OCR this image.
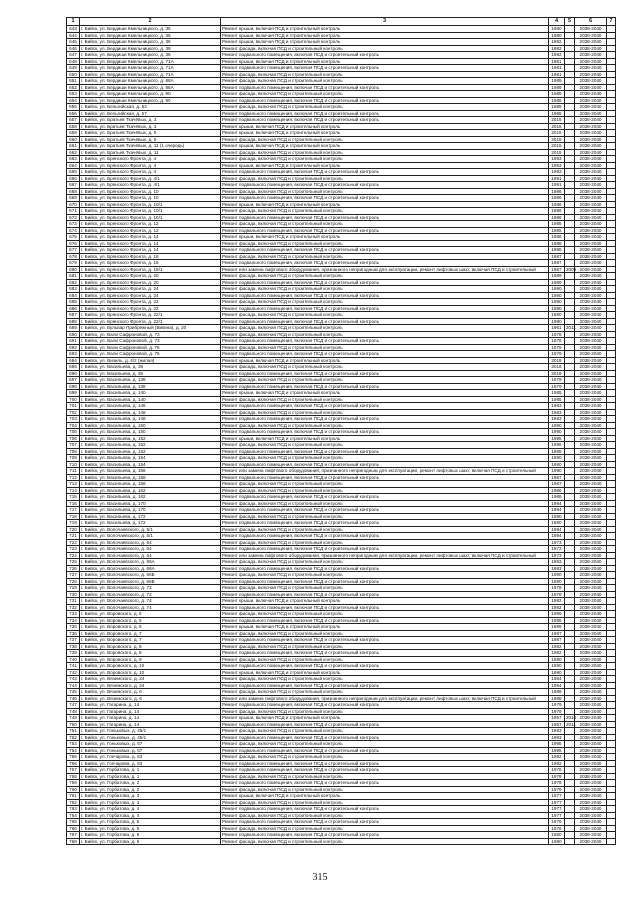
1	2	3	4	5	6	7
643	г. Бийск, ул. Бердиши Кмельницкого, д. 35	Ремонт крыши, включая ПСД и строительный контроль	1980		2038-2040	
644	г. Бийск, ул. Бердиши Кмельницкого, д. 35	Ремонт крыши, включая ПСД и строительный контроль	1980		2038-2040	
645	г. Бийск, ул. Бердиши Кмельницкого, д. 39	Ремонт крыши, включая ПСД и строительный контроль	1982		2038-2040	
646	г. Бийск, ул. Бердиши Кмельницкого, д. 39	Ремонт фасада, включая ПСД и строительный контроль	1982		2038-2040	
647	г. Бийск, ул. Бердиши Кмельницкого, д. 39	Ремонт подвального помещения, включая ПСД и строительный контроль	1982		2038-2040	
648	г. Бийск, ул. Бердиши Кмельницкого, д. 71А	Ремонт крыши, включая ПСД и строительный контроль	1981		2038-2040	
649	г. Бийск, ул. Бердиши Кмельницкого, д. 71А	Ремонт подвального помещения, включая ПСД и строительный контроль	1981		2038-2040	
650	г. Бийск, ул. Бердиши Кмельницкого, д. 71А	Ремонт фасада, включая ПСД и строительный контроль	1981		2038-2040	
651	г. Бийск, ул. Бердиши Кмельницкого, д. 88А	Ремонт фасада, включая ПСД и строительный контроль	1989		2038-2040	
652	г. Бийск, ул. Бердиши Кмельницкого, д. 88А	Ремонт подвального помещения, включая ПСД и строительный контроль	1989		2038-2040	
653	г. Бийск, ул. Бердиши Кмельницкого, д. 90	Ремонт фасада, включая ПСД и строительный контроль	1985		2038-2040	
654	г. Бийск, ул. Бердиши Кмельницкого, д. 90	Ремонт подвального помещения, включая ПСД и строительный контроль	1985		2038-2040	
655	г. Бийск, ул. Бельгийская, д. 52	Ремонт фасада, включая ПСД и строительный контроль	1985		2038-2040	
656	г. Бийск, ул. Бельгийская, д. 57	Ремонт подвального помещения, включая ПСД и строительный контроль	1985		2038-2040	
657	г. Бийск, ул. Братьев Ткачёвых, д. 3	Ремонт подвального помещения, включая ПСД и строительный контроль	2015		2038-2040	
658	г. Бийск, ул. Братьев Ткачёвых, д. 3	Ремонт крыши, включая ПСД и строительный контроль	2015		2038-2040	
659	г. Бийск, ул. Братьев Ткачёвых, д. 5	Ремонт крыши, включая ПСД и строительный контроль	2015		2038-2040	
660	г. Бийск, ул. Братьев Ткачёвых, д. 5	Ремонт фасада, включая ПСД и строительный контроль	2015		2038-2040	
661	г. Бийск, ул. Братьев Ткачёвых, д. 11 (1 очередь)	Ремонт крыши, включая ПСД и строительный контроль	2015		2038-2040	
662	г. Бийск, ул. Братьев Ткачёвых, д. 11	Ремонт фасада, включая ПСД и строительный контроль	2015		2038-2040	
663	г. Бийск, ул. Брянского Фронта, д. 4	Ремонт фасада, включая ПСД и строительный контроль	1993		2038-2040	
664	г. Бийск, ул. Брянского Фронта, д. 4	Ремонт крыши, включая ПСД и строительный контроль	1993		2038-2040	
665	г. Бийск, ул. Брянского Фронта, д. 4	Ремонт подвального помещения, включая ПСД и строительный контроль	1993		2038-2040	
666	г. Бийск, ул. Брянского Фронта, д. 4/1	Ремонт фасада, включая ПСД и строительный контроль	1991		2038-2040	
667	г. Бийск, ул. Брянского Фронта, д. 4/1	Ремонт подвального помещения, включая ПСД и строительный контроль	1991		2038-2040	
668	г. Бийск, ул. Брянского Фронта, д. 10	Ремонт фасада, включая ПСД и строительный контроль	1986		2038-2040	
669	г. Бийск, ул. Брянского Фронта, д. 10	Ремонт подвального помещения, включая ПСД и строительный контроль	1986		2038-2040	
670	г. Бийск, ул. Брянского Фронта, д. 10/1	Ремонт крыши, включая ПСД и строительный контроль	1986		2038-2040	
671	г. Бийск, ул. Брянского Фронта, д. 10/1	Ремонт фасада, включая ПСД и строительный контроль	1986		2038-2040	
672	г. Бийск, ул. Брянского Фронта, д. 10/1	Ремонт подвального помещения, включая ПСД и строительный контроль	1986		2038-2040	
673	г. Бийск, ул. Брянского Фронта, д. 12	Ремонт фасада, включая ПСД и строительный контроль	1985		2038-2040	
674	г. Бийск, ул. Брянского Фронта, д. 12	Ремонт подвального помещения, включая ПСД и строительный контроль	1985		2038-2040	
675	г. Бийск, ул. Брянского Фронта, д. 14	Ремонт крыши, включая ПСД и строительный контроль	1988		2038-2040	
676	г. Бийск, ул. Брянского Фронта, д. 14	Ремонт фасада, включая ПСД и строительный контроль	1988		2038-2040	
677	г. Бийск, ул. Брянского Фронта, д. 14	Ремонт подвального помещения, включая ПСД и строительный контроль	1988		2038-2040	
678	г. Бийск, ул. Брянского Фронта, д. 16	Ремонт фасада, включая ПСД и строительный контроль	1987		2038-2040	
679	г. Бийск, ул. Брянского Фронта, д. 16	Ремонт подвального помещения, включая ПСД и строительный контроль	1987		2038-2040	
680	г. Бийск, ул. Брянского Фронта, д. 18/1	Ремонт или замена лифтового оборудования, признанного непригодным для эксплуатации, ремонт лифтовых шахт, включая ПСД и строительный	1987	2009	2038-2040	
681	г. Бийск, ул. Брянского Фронта, д. 20	Ремонт фасада, включая ПСД и строительный контроль	1989		2038-2040	
682	г. Бийск, ул. Брянского Фронта, д. 20	Ремонт подвального помещения, включая ПСД и строительный контроль	1989		2038-2040	
683	г. Бийск, ул. Брянского Фронта, д. 24	Ремонт фасада, включая ПСД и строительный контроль	1990		2038-2040	
684	г. Бийск, ул. Брянского Фронта, д. 24	Ремонт подвального помещения, включая ПСД и строительный контроль	1990		2038-2040	
685	г. Бийск, ул. Брянского Фронта, д. 22	Ремонт фасада, включая ПСД и строительный контроль	1990		2038-2040	
686	г. Бийск, ул. Брянского Фронта, д. 22	Ремонт подвального помещения, включая ПСД и строительный контроль	1990		2038-2040	
687	г. Бийск, ул. Брянского Фронта, д. 22/1	Ремонт фасада, включая ПСД и строительный контроль	1990		2038-2040	
688	г. Бийск, ул. Брянского Фронта, д. 22/1	Ремонт подвального помещения, включая ПСД и строительный контроль	1990		2038-2040	
689	г. Бийск, ул. Бульвар Прибрежный (Викина), д. 20	Ремонт фасада, включая ПСД и строительный контроль	1961	2011	2038-2040	
690	г. Бийск, ул. Вали Сафроновой, д. 73	Ремонт фасада, включая ПСД и строительный контроль	1978		2038-2040	
691	г. Бийск, ул. Вали Сафроновой, д. 73	Ремонт подвального помещения, включая ПСД и строительный контроль	1978		2038-2040	
692	г. Бийск, ул. Вали Сафроновой, д. 75	Ремонт фасада, включая ПСД и строительный контроль	1979		2038-2040	
693	г. Бийск, ул. Вали Сафроновой, д. 75	Ремонт подвального помещения, включая ПСД и строительный контроль	1979		2038-2040	
694	г. Бийск, ул. Визиль, д. 4/2 (жилая)	Ремонт крыши, включая ПСД и строительный контроль	2018		2038-2040	
695	г. Бийск, ул. Васильева, д. 36	Ремонт фасада, включая ПСД и строительный контроль	2018		2038-2040	
696	г. Бийск, ул. Васильева, д. 36	Ремонт подвального помещения, включая ПСД и строительный контроль	2018		2038-2040	
697	г. Бийск, ул. Васильева, д. 138	Ремонт фасада, включая ПСД и строительный контроль	1979		2038-2040	
698	г. Бийск, ул. Васильева, д. 138	Ремонт подвального помещения, включая ПСД и строительный контроль	1979		2038-2040	
699	г. Бийск, ул. Васильева, д. 140	Ремонт крыши, включая ПСД и строительный контроль	1985		2038-2040	
700	г. Бийск, ул. Васильева, д. 140	Ремонт фасада, включая ПСД и строительный контроль	1985		2038-2040	
701	г. Бийск, ул. Васильева, д. 146	Ремонт подвального помещения, включая ПСД и строительный контроль	1983		2038-2040	
702	г. Бийск, ул. Васильева, д. 148	Ремонт фасада, включая ПСД и строительный контроль	1983		2038-2040	
703	г. Бийск, ул. Васильева, д. 148	Ремонт подвального помещения, включая ПСД и строительный контроль	1983		2038-2040	
704	г. Бийск, ул. Васильева, д. 150	Ремонт фасада, включая ПСД и строительный контроль	1990		2038-2040	
705	г. Бийск, ул. Васильева, д. 150	Ремонт подвального помещения, включая ПСД и строительный контроль	1990		2038-2040	
706	г. Бийск, ул. Васильева, д. 152	Ремонт крыши, включая ПСД и строительный контроль	1995		2038-2040	
707	г. Бийск, ул. Васильева, д. 152	Ремонт фасада, включая ПСД и строительный контроль	1995		2038-2040	
708	г. Бийск, ул. Васильева, д. 152	Ремонт подвального помещения, включая ПСД и строительный контроль	1995		2038-2040	
709	г. Бийск, ул. Васильева, д. 154	Ремонт фасада, включая ПСД и строительный контроль	1990		2038-2040	
710	г. Бийск, ул. Васильева, д. 154	Ремонт подвального помещения, включая ПСД и строительный контроль	1990		2038-2040	
711	г. Бийск, ул. Васильева, д. 156	Ремонт или замена лифтового оборудования, признанного непригодным для эксплуатации, ремонт лифтовых шахт, включая ПСД и строительный	1990		2038-2040	
712	г. Бийск, ул. Васильева, д. 158	Ремонт подвального помещения, включая ПСД и строительный контроль	1987		2038-2040	
713	г. Бийск, ул. Васильева, д. 158	Ремонт фасада, включая ПСД и строительный контроль	1987		2038-2040	
714	г. Бийск, ул. Васильева, д. 162	Ремонт фасада, включая ПСД и строительный контроль	1986		2038-2040	
715	г. Бийск, ул. Васильева, д. 162	Ремонт подвального помещения, включая ПСД и строительный контроль	1986		2038-2040	
716	г. Бийск, ул. Васильева, д. 170	Ремонт фасада, включая ПСД и строительный контроль	1984		2038-2040	
717	г. Бийск, ул. Васильева, д. 170	Ремонт подвального помещения, включая ПСД и строительный контроль	1984		2038-2040	
718	г. Бийск, ул. Васильева, д. 172	Ремонт фасада, включая ПСД и строительный контроль	1990		2038-2040	
719	г. Бийск, ул. Васильева, д. 172	Ремонт подвального помещения, включая ПСД и строительный контроль	1990		2038-2040	
720	г. Бийск, ул. Волочаевского, д. 5/1	Ремонт фасада, включая ПСД и строительный контроль	1994		2038-2040	
721	г. Бийск, ул. Волочаевского, д. 5/1	Ремонт подвального помещения, включая ПСД и строительный контроль	1994		2038-2040	
722	г. Бийск, ул. Волочаевского, д. 64	Ремонт фасада, включая ПСД и строительный контроль	1973		2038-2040	
723	г. Бийск, ул. Волочаевского, д. 64	Ремонт подвального помещения, включая ПСД и строительный контроль	1973		2038-2040	
724	г. Бийск, ул. Волочаевского, д. 64	Ремонт или замена лифтового оборудования, признанного непригодным для эксплуатации, ремонт лифтовых шахт, включая ПСД и строительный	1973		2038-2040	
725	г. Бийск, ул. Волочаевского, д. 66А	Ремонт фасада, включая ПСД и строительный контроль	1983		2038-2040	
726	г. Бийск, ул. Волочаевского, д. 66А	Ремонт подвального помещения, включая ПСД и строительный контроль	1983		2038-2040	
727	г. Бийск, ул. Волочаевского, д. 66Б	Ремонт фасада, включая ПСД и строительный контроль	1990		2038-2040	
728	г. Бийск, ул. Волочаевского, д. 66Б	Ремонт подвального помещения, включая ПСД и строительный контроль	1990		2038-2040	
729	г. Бийск, ул. Волочаевского, д. 72	Ремонт фасада, включая ПСД и строительный контроль	1978		2038-2040	
730	г. Бийск, ул. Волочаевского, д. 72	Ремонт подвального помещения, включая ПСД и строительный контроль	1978		2038-2040	
731	г. Бийск, ул. Волочаевского, д. 74	Ремонт крыши, включая ПСД и строительный контроль	1982		2038-2040	
732	г. Бийск, ул. Волочаевского, д. 74	Ремонт подвального помещения, включая ПСД и строительный контроль	1982		2038-2040	
733	г. Бийск, ул. Воровского, д. 5	Ремонт фасада, включая ПСД и строительный контроль	1995		2038-2040	
734	г. Бийск, ул. Воровского, д. 5	Ремонт подвального помещения, включая ПСД и строительный контроль	1995		2038-2040	
735	г. Бийск, ул. Воровского, д. 5	Ремонт крыши, включая ПСД и строительный контроль	1995		2038-2040	
736	г. Бийск, ул. Воровского, д. 7	Ремонт фасада, включая ПСД и строительный контроль	1987		2038-2040	
737	г. Бийск, ул. Воровского, д. 7	Ремонт подвального помещения, включая ПСД и строительный контроль	1987		2038-2040	
738	г. Бийск, ул. Воровского, д. 8	Ремонт фасада, включая ПСД и строительный контроль	1982		2038-2040	
739	г. Бийск, ул. Воровского, д. 8	Ремонт подвального помещения, включая ПСД и строительный контроль	1982		2038-2040	
740	г. Бийск, ул. Воровского, д. 9	Ремонт фасада, включая ПСД и строительный контроль	1990		2038-2040	
741	г. Бийск, ул. Воровского, д. 10	Ремонт подвального помещения, включая ПСД и строительный контроль	1990		2038-2040	
742	г. Бийск, ул. Воровского, д. 10	Ремонт крыши, включая ПСД и строительный контроль	1990		2038-2040	
743	г. Бийск, ул. Вяземского, д. 24	Ремонт фасада, включая ПСД и строительный контроль	1984		2038-2040	
744	г. Бийск, ул. Вяземского, д. 24	Ремонт подвального помещения, включая ПСД и строительный контроль	1984		2038-2040	
745	г. Бийск, ул. Вяземского, д. 6	Ремонт фасада, включая ПСД и строительный контроль	1988		2038-2040	
746	г. Бийск, ул. Вяземского, д. 6	Ремонт или замена лифтового оборудования, признанного непригодным для эксплуатации, ремонт лифтовых шахт, включая ПСД и строительный	1988		2038-2040	
747	г. Бийск, ул. Гагарина, д. 14	Ремонт подвального помещения, включая ПСД и строительный контроль	1979		2038-2040	
748	г. Бийск, ул. Гагарина, д. 14	Ремонт фасада, включая ПСД и строительный контроль	1979		2038-2040	
749	г. Бийск, ул. Гагарина, д. 14	Ремонт крыши, включая ПСД и строительный контроль	1957	2010	2038-2040	
750	г. Бийск, ул. Гагарина, д. 14	Ремонт подвального помещения, включая ПСД и строительный контроль	1957	2011	2038-2040	
751	г. Бийск, ул. Гоньковых, д. 45/1	Ремонт фасада, включая ПСД и строительный контроль	1993		2038-2040	
752	г. Бийск, ул. Гоньковых, д. 45/1	Ремонт подвального помещения, включая ПСД и строительный контроль	1993		2038-2040	
753	г. Бийск, ул. Гоньковых, д. 57	Ремонт фасада, включая ПСД и строительный контроль	1995		2038-2040	
754	г. Бийск, ул. Гоньковых, д. 57	Ремонт подвального помещения, включая ПСД и строительный контроль	1995		2038-2040	
755	г. Бийск, ул. Гончарова, д. 63	Ремонт фасада, включая ПСД и строительный контроль	1992		2038-2040	
756	г. Бийск, ул. Гончарова, д. 63	Ремонт подвального помещения, включая ПСД и строительный контроль	1992		2038-2040	
757	г. Бийск, ул. Горбатова, д. 1	Ремонт подвального помещения, включая ПСД и строительный контроль	1978		2038-2040	
758	г. Бийск, ул. Горбатова, д. 1	Ремонт фасада, включая ПСД и строительный контроль	1978		2038-2040	
759	г. Бийск, ул. Горбатова, д. 2	Ремонт подвального помещения, включая ПСД и строительный контроль	1979		2038-2040	
760	г. Бийск, ул. Горбатова, д. 2	Ремонт фасада, включая ПСД и строительный контроль	1979		2038-2040	
761	г. Бийск, ул. Горбатова, д. 3	Ремонт крыши, включая ПСД и строительный контроль	1977		2038-2040	
762	г. Бийск, ул. Горбатова, д. 3	Ремонт фасада, включая ПСД и строительный контроль	1977		2038-2040	
763	г. Бийск, ул. Горбатова, д. 4	Ремонт подвального помещения, включая ПСД и строительный контроль	1977		2038-2040	
764	г. Бийск, ул. Горбатова, д. 4	Ремонт фасада, включая ПСД и строительный контроль	1977		2038-2040	
765	г. Бийск, ул. Горбатова, д. 5	Ремонт подвального помещения, включая ПСД и строительный контроль	1976		2038-2040	
766	г. Бийск, ул. Горбатова, д. 5	Ремонт фасада, включая ПСД и строительный контроль	1976		2038-2040	
767	г. Бийск, ул. Горбатова, д. 6	Ремонт подвального помещения, включая ПСД и строительный контроль	1980		2038-2040	
768	г. Бийск, ул. Горбатова, д. 6	Ремонт фасада, включая ПСД и строительный контроль	1980		2038-2040	
315
